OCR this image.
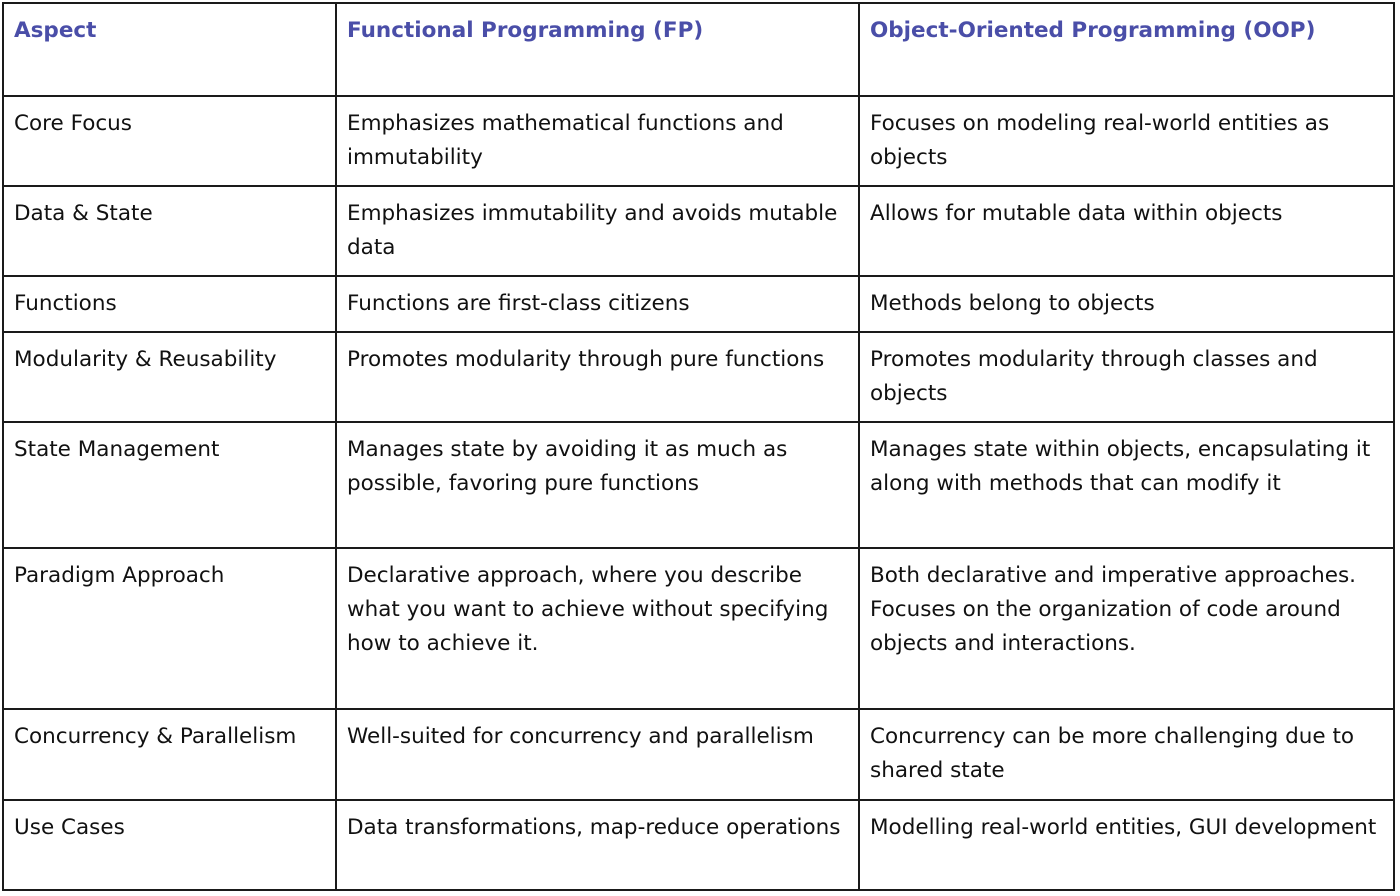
Aspect	Functional Programming (FP)	Object-Oriented Programming (OOP)
Core Focus	Emphasizes mathematical functions and immutability	Focuses on modeling real-world entities as objects
Data & State	Emphasizes immutability and avoids mutable data	Allows for mutable data within objects
Functions	Functions are first-class citizens	Methods belong to objects
Modularity & Reusability	Promotes modularity through pure functions	Promotes modularity through classes and objects
State Management	Manages state by avoiding it as much as possible, favoring pure functions	Manages state within objects, encapsulating it along with methods that can modify it
Paradigm Approach	Declarative approach, where you describe what you want to achieve without specifying how to achieve it.	Both declarative and imperative approaches. Focuses on the organization of code around objects and interactions.
Concurrency & Parallelism	Well-suited for concurrency and parallelism	Concurrency can be more challenging due to shared state
Use Cases	Data transformations, map-reduce operations	Modelling real-world entities, GUI development
